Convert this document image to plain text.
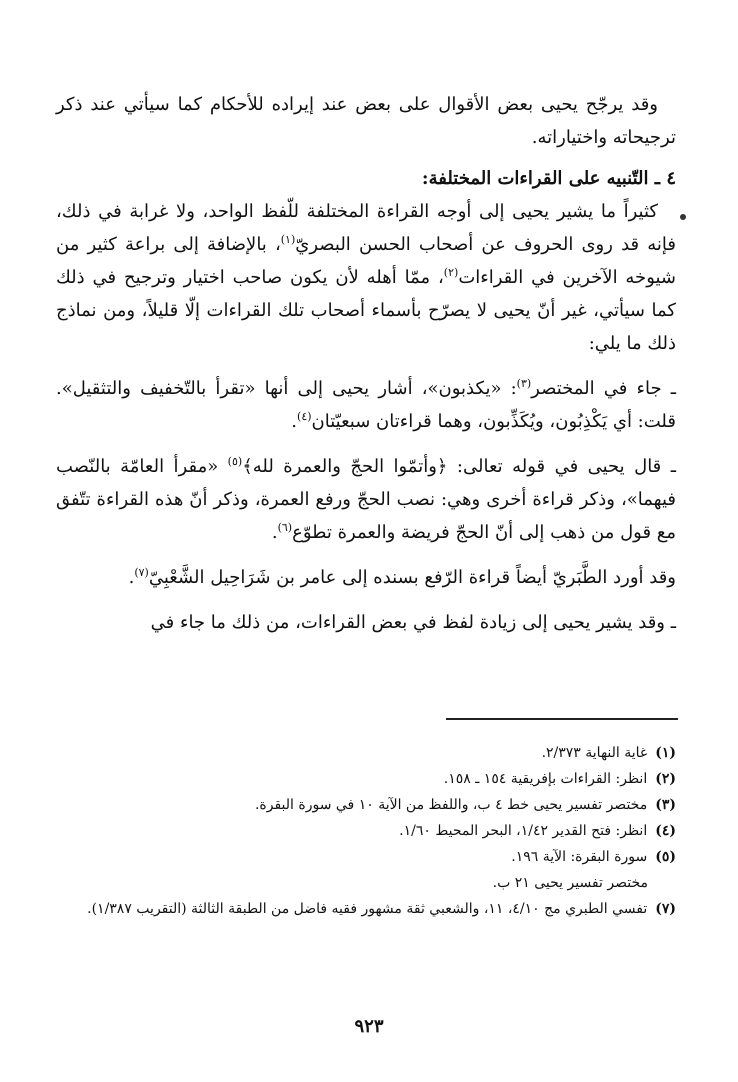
وقد يرجّح يحيى بعض الأقوال على بعض عند إيراده للأحكام كما سيأتي عند ذكر ترجيحاته واختياراته.

٤ ـ التّنبيه على القراءات المختلفة:

كثيراً ما يشير يحيى إلى أوجه القراءة المختلفة للّفظ الواحد، ولا غرابة في ذلك، فإنه قد روى الحروف عن أصحاب الحسن البصريّ$^{(١)}$، بالإضافة إلى براعة كثير من شيوخه الآخرين في القراءات$^{(٢)}$، ممّا أهله لأن يكون صاحب اختيار وترجيح في ذلك كما سيأتي، غير أنّ يحيى لا يصرّح بأسماء أصحاب تلك القراءات إلّا قليلاً، ومن نماذج ذلك ما يلي:

ـ جاء في المختصر$^{(٣)}$: «يكذبون»، أشار يحيى إلى أنها «تقرأ بالتّخفيف والتثقيل». قلت: أي يَكْذِبُون، ويُكَذِّبون، وهما قراءتان سبعيّتان$^{(٤)}$.

ـ قال يحيى في قوله تعالى: ﴿وأتمّوا الحجّ والعمرة لله﴾$^{(٥)}$ «مقرأ العامّة بالنّصب فيهما»، وذكر قراءة أخرى وهي: نصب الحجّ ورفع العمرة، وذكر أنّ هذه القراءة تتّفق مع قول من ذهب إلى أنّ الحجّ فريضة والعمرة تطوّع$^{(٦)}$.

وقد أورد الطَّبَريّ أيضاً قراءة الرّفع بسنده إلى عامر بن شَرَاحِيل الشَّعْبِيّ$^{(٧)}$.

ـ وقد يشير يحيى إلى زيادة لفظ في بعض القراءات، من ذلك ما جاء في

(١)
غاية النهاية ٢/٣٧٣.

(٢)
انظر: القراءات بإفريقية ١٥٤ ـ ١٥٨.

(٣)
مختصر تفسير يحيى خط ٤ ب، واللفظ من الآية ١٠ في سورة البقرة.

(٤)
انظر: فتح القدير ١/٤٢، البحر المحيط ١/٦٠.

(٥)
سورة البقرة: الآية ١٩٦.

مختصر تفسير يحيى ٢١ ب.

(٧)
تفسي الطبري مج ٤/١٠، ١١، والشعبي ثقة مشهور فقيه فاضل من الطبقة الثالثة (التقريب ١/٣٨٧).

٩٢٣
